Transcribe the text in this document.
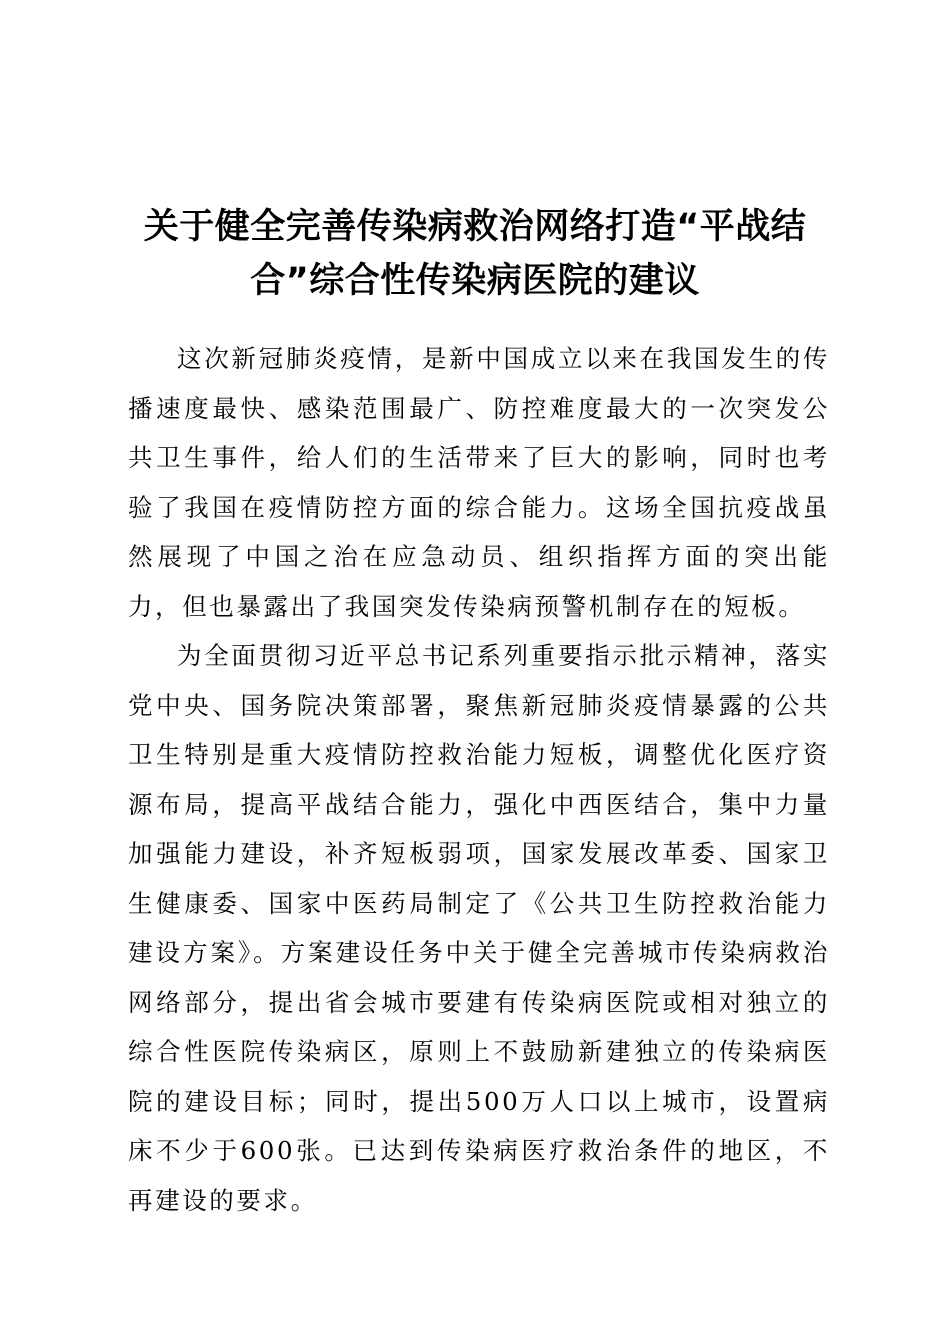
关于健全完善传染病救治网络打造“平战结
合”综合性传染病医院的建议

这次新冠肺炎疫情，是新中国成立以来在我国发生的传播速度最快、感染范围最广、防控难度最大的一次突发公共卫生事件，给人们的生活带来了巨大的影响，同时也考验了我国在疫情防控方面的综合能力。这场全国抗疫战虽然展现了中国之治在应急动员、组织指挥方面的突出能力，但也暴露出了我国突发传染病预警机制存在的短板。

为全面贯彻习近平总书记系列重要指示批示精神，落实党中央、国务院决策部署，聚焦新冠肺炎疫情暴露的公共卫生特别是重大疫情防控救治能力短板，调整优化医疗资源布局，提高平战结合能力，强化中西医结合，集中力量加强能力建设，补齐短板弱项，国家发展改革委、国家卫生健康委、国家中医药局制定了《公共卫生防控救治能力建设方案》。方案建设任务中关于健全完善城市传染病救治网络部分，提出省会城市要建有传染病医院或相对独立的综合性医院传染病区，原则上不鼓励新建独立的传染病医院的建设目标；同时，提出500万人口以上城市，设置病床不少于600张。已达到传染病医疗救治条件的地区，不再建设的要求。
